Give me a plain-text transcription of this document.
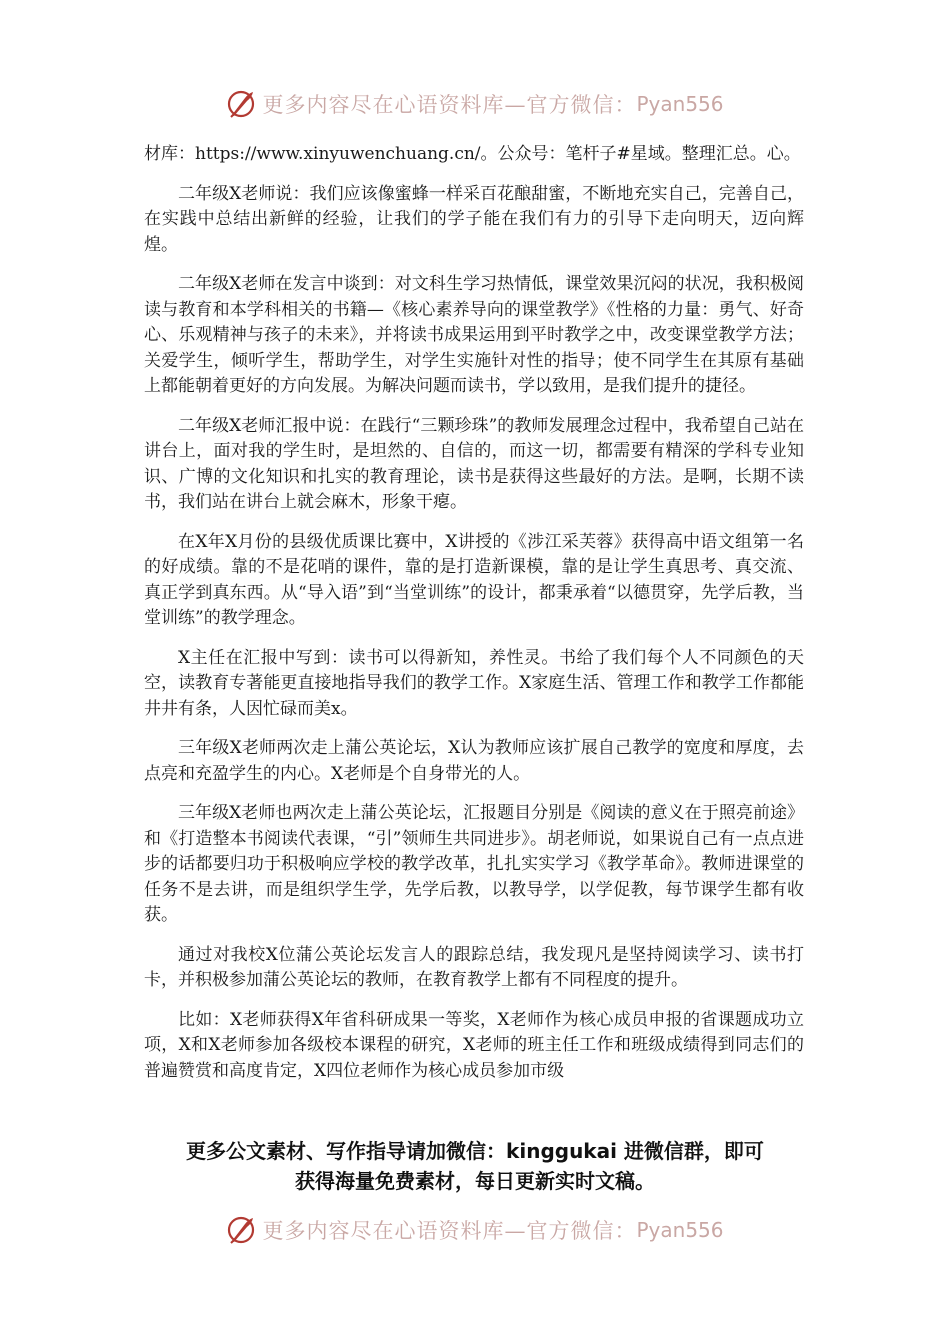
更多内容尽在心语资料库—官方微信： Pyan556

材库：https://www.xinyuwenchuang.cn/。公众号：笔杆子#星域。整理汇总。心。

二年级X老师说：我们应该像蜜蜂一样采百花酿甜蜜，不断地充实自己，完善自己，在实践中总结出新鲜的经验，让我们的学子能在我们有力的引导下走向明天，迈向辉煌。

二年级X老师在发言中谈到：对文科生学习热情低，课堂效果沉闷的状况，我积极阅读与教育和本学科相关的书籍—《核心素养导向的课堂教学》《性格的力量：勇气、好奇心、乐观精神与孩子的未来》，并将读书成果运用到平时教学之中，改变课堂教学方法；关爱学生，倾听学生，帮助学生，对学生实施针对性的指导；使不同学生在其原有基础上都能朝着更好的方向发展。为解决问题而读书，学以致用，是我们提升的捷径。

二年级X老师汇报中说：在践行“三颗珍珠”的教师发展理念过程中，我希望自己站在讲台上，面对我的学生时，是坦然的、自信的，而这一切，都需要有精深的学科专业知识、广博的文化知识和扎实的教育理论，读书是获得这些最好的方法。是啊，长期不读书，我们站在讲台上就会麻木，形象干瘪。

在X年X月份的县级优质课比赛中，X讲授的《涉江采芙蓉》获得高中语文组第一名的好成绩。靠的不是花哨的课件，靠的是打造新课模，靠的是让学生真思考、真交流、真正学到真东西。从“导入语”到“当堂训练”的设计，都秉承着“以德贯穿，先学后教，当堂训练”的教学理念。

X主任在汇报中写到：读书可以得新知，养性灵。书给了我们每个人不同颜色的天空，读教育专著能更直接地指导我们的教学工作。X家庭生活、管理工作和教学工作都能井井有条，人因忙碌而美x。

三年级X老师两次走上蒲公英论坛，X认为教师应该扩展自己教学的宽度和厚度，去点亮和充盈学生的内心。X老师是个自身带光的人。

三年级X老师也两次走上蒲公英论坛，汇报题目分别是《阅读的意义在于照亮前途》和《打造整本书阅读代表课，“引”领师生共同进步》。胡老师说，如果说自己有一点点进步的话都要归功于积极响应学校的教学改革，扎扎实实学习《教学革命》。教师进课堂的任务不是去讲，而是组织学生学，先学后教，以教导学，以学促教，每节课学生都有收获。

通过对我校X位蒲公英论坛发言人的跟踪总结，我发现凡是坚持阅读学习、读书打卡，并积极参加蒲公英论坛的教师，在教育教学上都有不同程度的提升。

比如：X老师获得X年省科研成果一等奖，X老师作为核心成员申报的省课题成功立项，X和X老师参加各级校本课程的研究，X老师的班主任工作和班级成绩得到同志们的普遍赞赏和高度肯定，X四位老师作为核心成员参加市级

更多公文素材、写作指导请加微信：kinggukai 进微信群，即可
获得海量免费素材，每日更新实时文稿。
更多内容尽在心语资料库—官方微信： Pyan556
